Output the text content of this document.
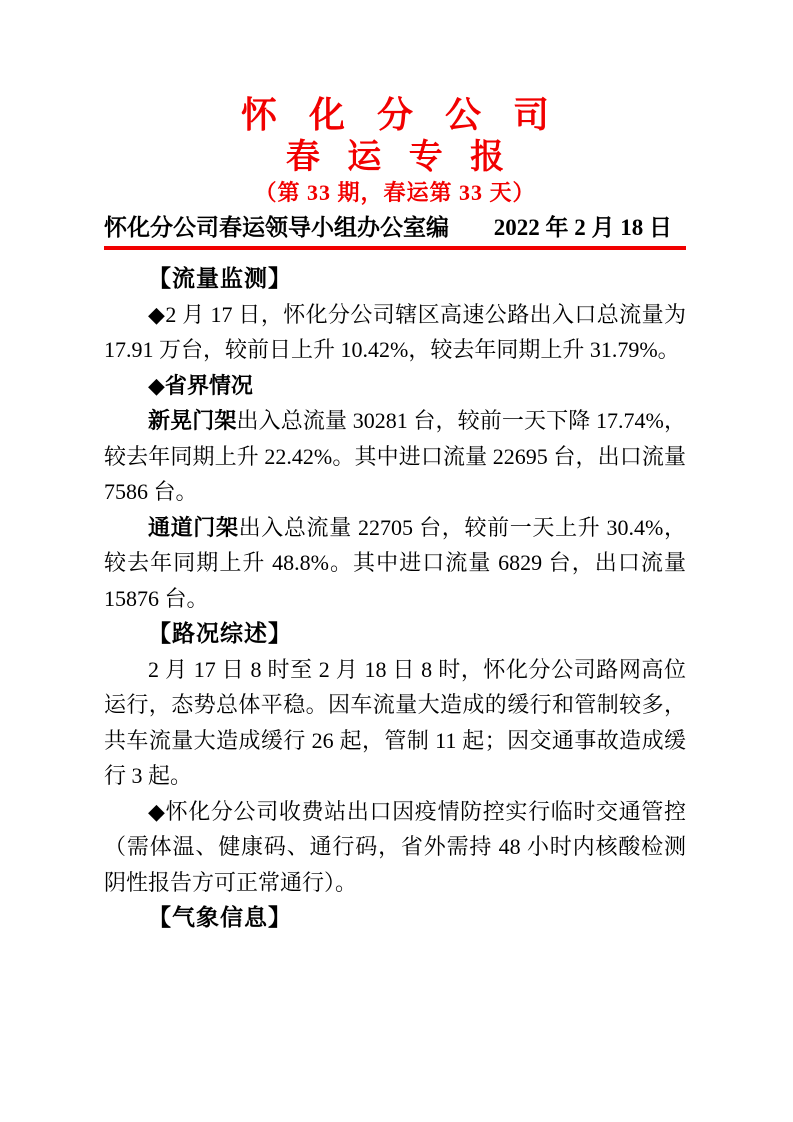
怀 化 分 公 司
春 运 专 报
（第 33 期，春运第 33 天）
怀化分公司春运领导小组办公室编 2022 年 2 月 18 日

【流量监测】

◆2 月 17 日，怀化分公司辖区高速公路出入口总流量为 17.91 万台，较前日上升 10.42%，较去年同期上升 31.79%。

◆省界情况

新晃门架出入总流量 30281 台，较前一天下降 17.74%，较去年同期上升 22.42%。其中进口流量 22695 台，出口流量 7586 台。

通道门架出入总流量 22705 台，较前一天上升 30.4%，较去年同期上升 48.8%。其中进口流量 6829 台，出口流量 15876 台。

【路况综述】

2 月 17 日 8 时至 2 月 18 日 8 时，怀化分公司路网高位运行，态势总体平稳。因车流量大造成的缓行和管制较多，共车流量大造成缓行 26 起，管制 11 起；因交通事故造成缓行 3 起。

◆怀化分公司收费站出口因疫情防控实行临时交通管控（需体温、健康码、通行码，省外需持 48 小时内核酸检测阴性报告方可正常通行）。

【气象信息】
